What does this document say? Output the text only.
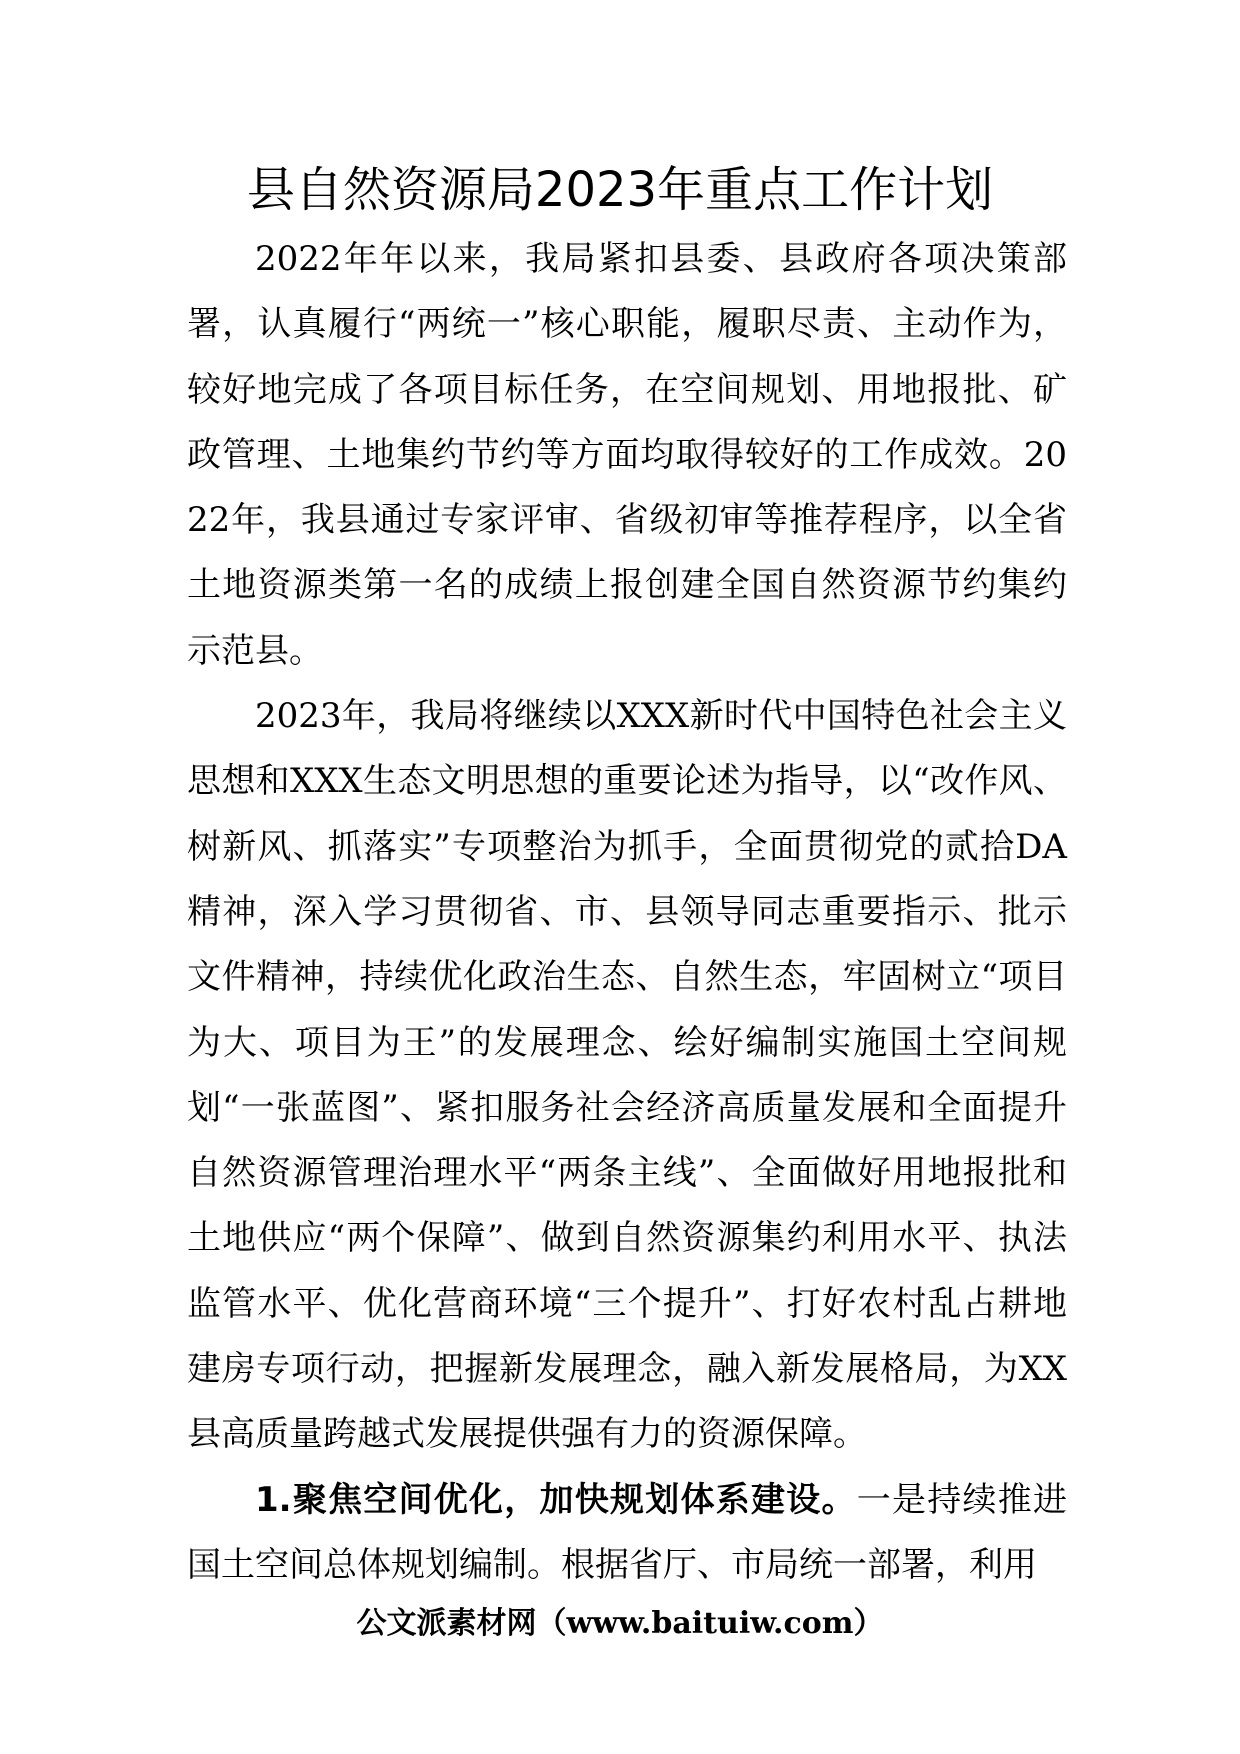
县自然资源局2023年重点工作计划

2022年年以来，我局紧扣县委、县政府各项决策部署，认真履行“两统一”核心职能，履职尽责、主动作为，较好地完成了各项目标任务，在空间规划、用地报批、矿政管理、土地集约节约等方面均取得较好的工作成效。2022年，我县通过专家评审、省级初审等推荐程序，以全省土地资源类第一名的成绩上报创建全国自然资源节约集约示范县。

2023年，我局将继续以XXX新时代中国特色社会主义思想和XXX生态文明思想的重要论述为指导，以“改作风、树新风、抓落实”专项整治为抓手，全面贯彻党的贰拾DA精神，深入学习贯彻省、市、县领导同志重要指示、批示文件精神，持续优化政治生态、自然生态，牢固树立“项目为大、项目为王”的发展理念、绘好编制实施国土空间规划“一张蓝图”、紧扣服务社会经济高质量发展和全面提升自然资源管理治理水平“两条主线”、全面做好用地报批和土地供应“两个保障”、做到自然资源集约利用水平、执法监管水平、优化营商环境“三个提升”、打好农村乱占耕地建房专项行动，把握新发展理念，融入新发展格局，为XX县高质量跨越式发展提供强有力的资源保障。

1.聚焦空间优化，加快规划体系建设。一是持续推进国土空间总体规划编制。根据省厅、市局统一部署，利用

公文派素材网（www.baituiw.com）
